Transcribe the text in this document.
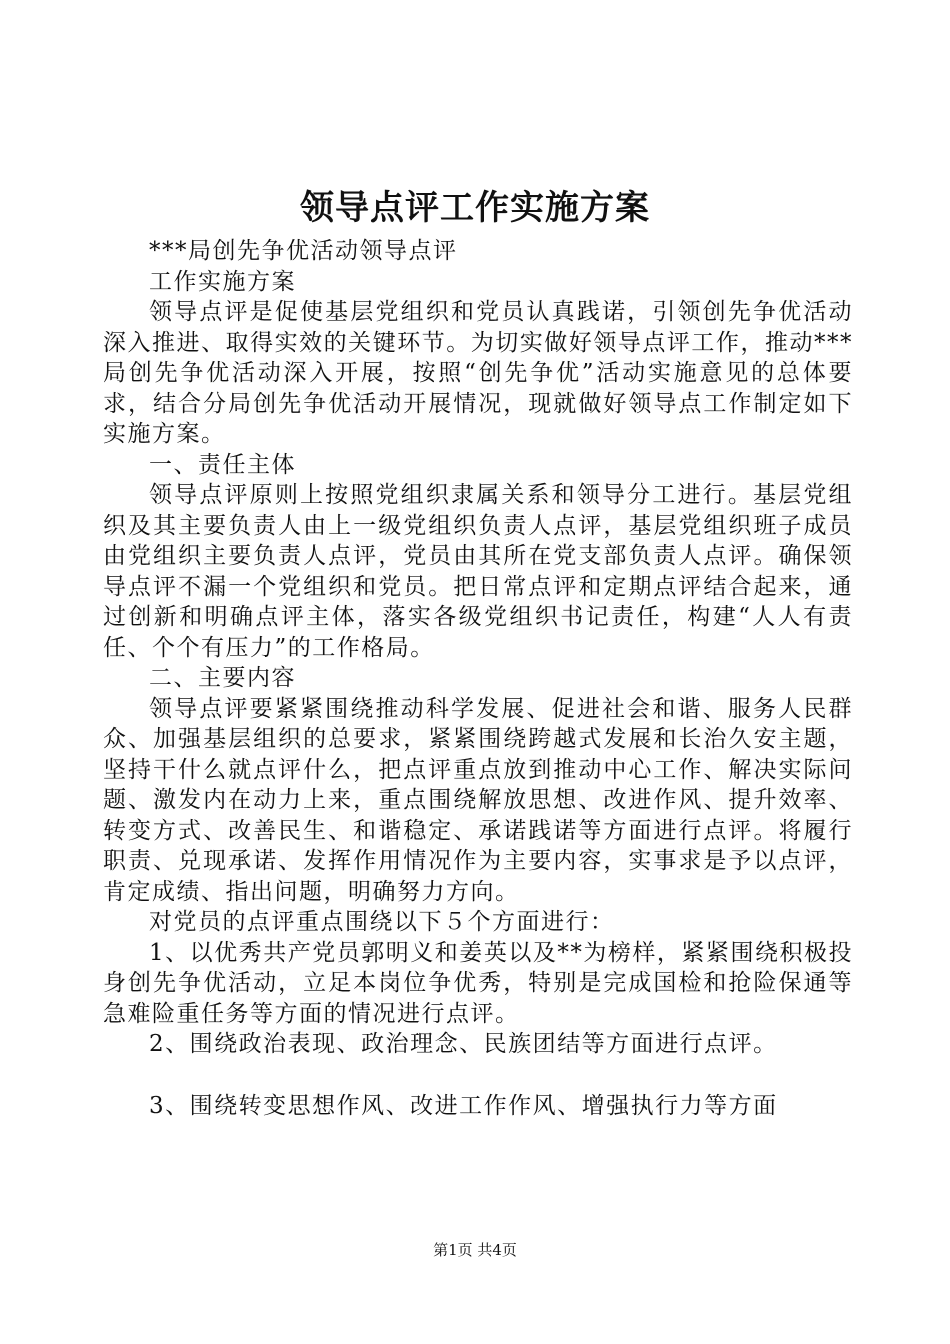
领导点评工作实施方案

***局创先争优活动领导点评

工作实施方案

领导点评是促使基层党组织和党员认真践诺，引领创先争优活动深入推进、取得实效的关键环节。为切实做好领导点评工作，推动***局创先争优活动深入开展，按照“创先争优”活动实施意见的总体要求，结合分局创先争优活动开展情况，现就做好领导点工作制定如下实施方案。

一、责任主体

领导点评原则上按照党组织隶属关系和领导分工进行。基层党组织及其主要负责人由上一级党组织负责人点评，基层党组织班子成员由党组织主要负责人点评，党员由其所在党支部负责人点评。确保领导点评不漏一个党组织和党员。把日常点评和定期点评结合起来，通过创新和明确点评主体，落实各级党组织书记责任，构建“人人有责任、个个有压力”的工作格局。

二、主要内容

领导点评要紧紧围绕推动科学发展、促进社会和谐、服务人民群众、加强基层组织的总要求，紧紧围绕跨越式发展和长治久安主题，坚持干什么就点评什么，把点评重点放到推动中心工作、解决实际问题、激发内在动力上来，重点围绕解放思想、改进作风、提升效率、转变方式、改善民生、和谐稳定、承诺践诺等方面进行点评。将履行职责、兑现承诺、发挥作用情况作为主要内容，实事求是予以点评，肯定成绩、指出问题，明确努力方向。

对党员的点评重点围绕以下５个方面进行：

1、以优秀共产党员郭明义和姜英以及**为榜样，紧紧围绕积极投身创先争优活动，立足本岗位争优秀，特别是完成国检和抢险保通等急难险重任务等方面的情况进行点评。

2、围绕政治表现、政治理念、民族团结等方面进行点评。

3、围绕转变思想作风、改进工作作风、增强执行力等方面

第1页 共4页
